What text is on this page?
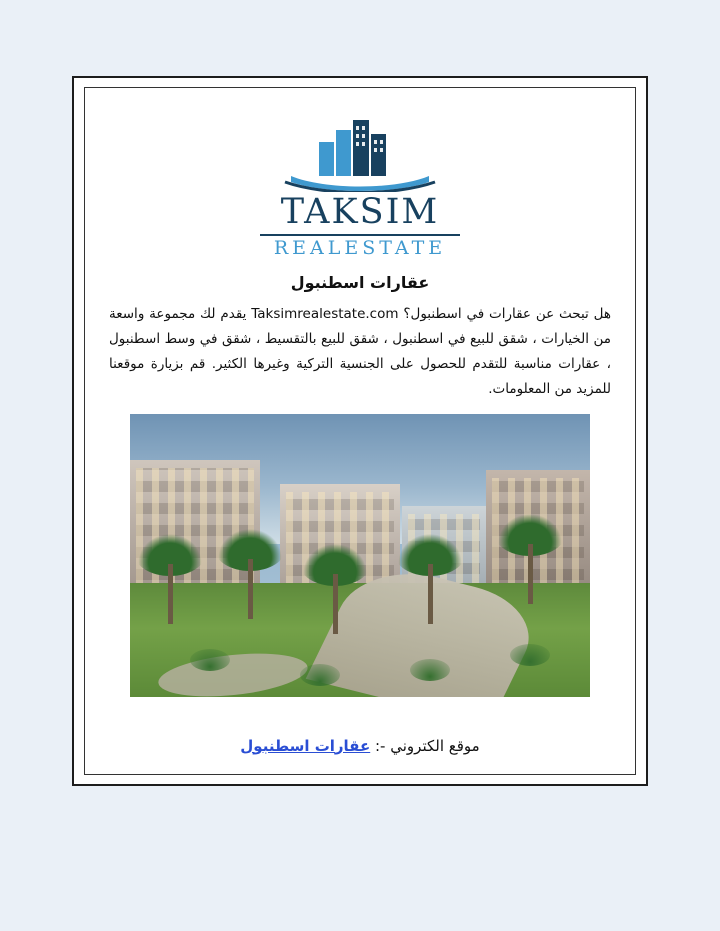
TAKSIM
REALESTATE
عقارات اسطنبول

هل تبحث عن عقارات في اسطنبول؟ Taksimrealestate.com يقدم لك مجموعة واسعة من الخيارات ، شقق للبيع في اسطنبول ، شقق للبيع بالتقسيط ، شقق في وسط اسطنبول ، عقارات مناسبة للتقدم للحصول على الجنسية التركية وغيرها الكثير. قم بزيارة موقعنا للمزيد من المعلومات.

موقع الكتروني -: عقارات اسطنبول
